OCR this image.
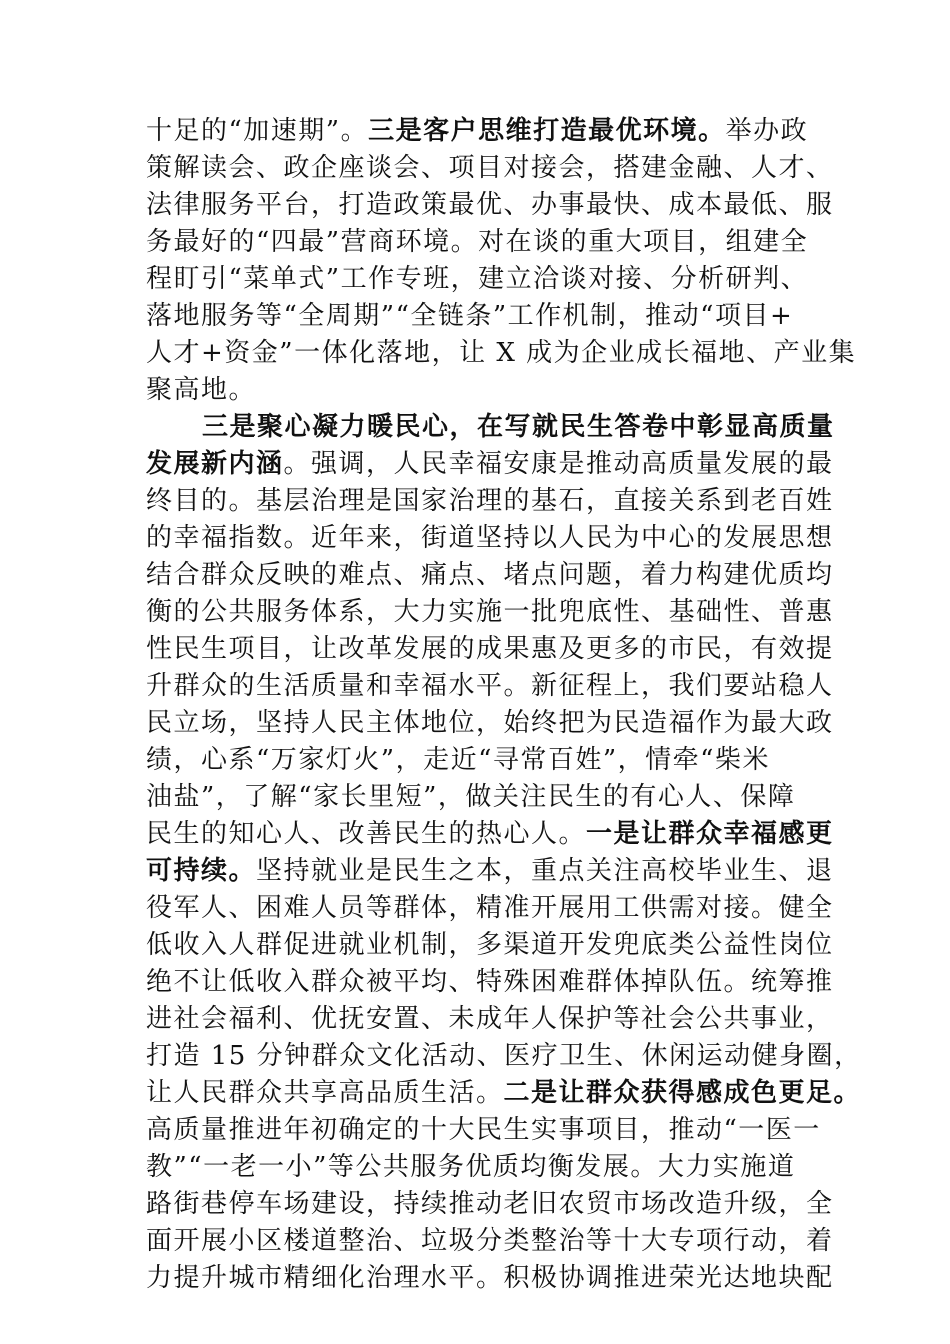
十足的“加速期”。三是客户思维打造最优环境。举办政
策解读会、政企座谈会、项目对接会，搭建金融、人才、
法律服务平台，打造政策最优、办事最快、成本最低、服
务最好的“四最”营商环境。对在谈的重大项目，组建全
程盯引“菜单式”工作专班，建立洽谈对接、分析研判、
落地服务等“全周期”“全链条”工作机制，推动“项目+
人才+资金”一体化落地，让 X 成为企业成长福地、产业集
聚高地。
三是聚心凝力暖民心，在写就民生答卷中彰显高质量
发展新内涵。强调，人民幸福安康是推动高质量发展的最
终目的。基层治理是国家治理的基石，直接关系到老百姓
的幸福指数。近年来，街道坚持以人民为中心的发展思想
结合群众反映的难点、痛点、堵点问题，着力构建优质均
衡的公共服务体系，大力实施一批兜底性、基础性、普惠
性民生项目，让改革发展的成果惠及更多的市民，有效提
升群众的生活质量和幸福水平。新征程上，我们要站稳人
民立场，坚持人民主体地位，始终把为民造福作为最大政
绩，心系“万家灯火”，走近“寻常百姓”，情牵“柴米
油盐”，了解“家长里短”，做关注民生的有心人、保障
民生的知心人、改善民生的热心人。一是让群众幸福感更
可持续。坚持就业是民生之本，重点关注高校毕业生、退
役军人、困难人员等群体，精准开展用工供需对接。健全
低收入人群促进就业机制，多渠道开发兜底类公益性岗位
绝不让低收入群众被平均、特殊困难群体掉队伍。统筹推
进社会福利、优抚安置、未成年人保护等社会公共事业，
打造 15 分钟群众文化活动、医疗卫生、休闲运动健身圈，
让人民群众共享高品质生活。二是让群众获得感成色更足。
高质量推进年初确定的十大民生实事项目，推动“一医一
教”“一老一小”等公共服务优质均衡发展。大力实施道
路街巷停车场建设，持续推动老旧农贸市场改造升级，全
面开展小区楼道整治、垃圾分类整治等十大专项行动，着
力提升城市精细化治理水平。积极协调推进荣光达地块配
